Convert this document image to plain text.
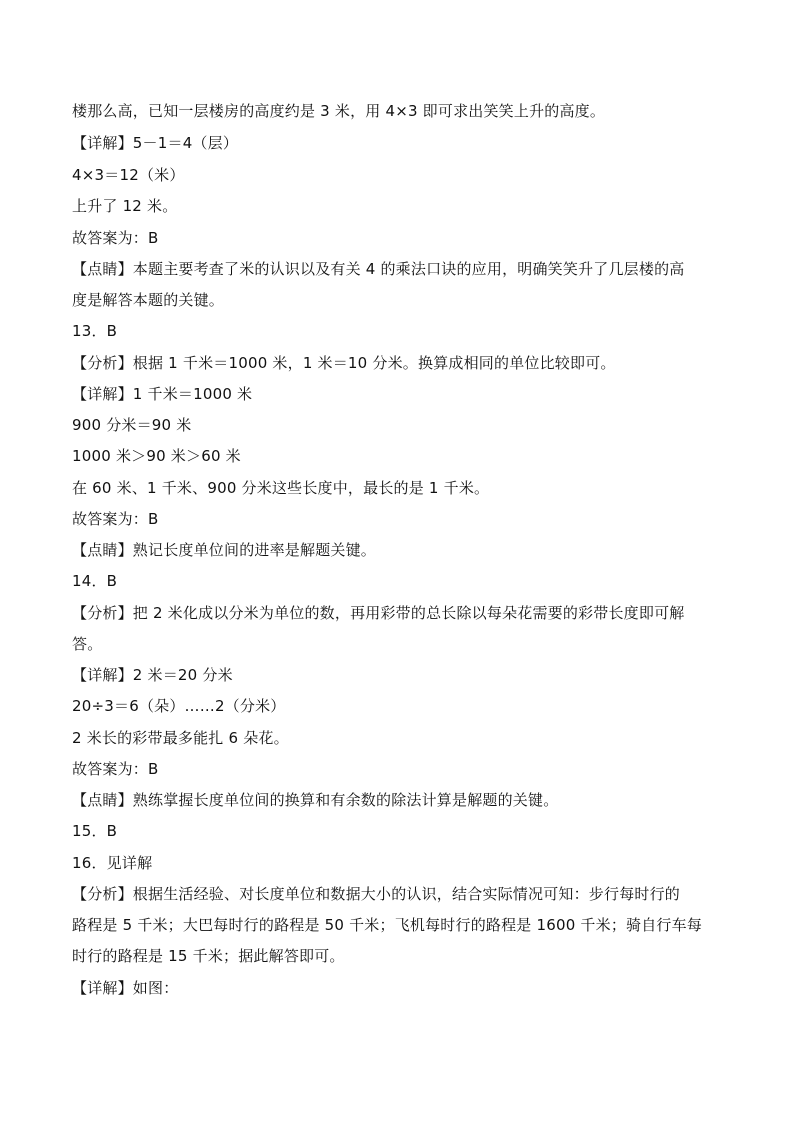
楼那么高，已知一层楼房的高度约是 3 米，用 4×3 即可求出笑笑上升的高度。
【详解】5－1＝4（层）
4×3＝12（米）
上升了 12 米。
故答案为：B
【点睛】本题主要考查了米的认识以及有关 4 的乘法口诀的应用，明确笑笑升了几层楼的高
度是解答本题的关键。
13．B
【分析】根据 1 千米＝1000 米，1 米＝10 分米。换算成相同的单位比较即可。
【详解】1 千米＝1000 米
900 分米＝90 米
1000 米＞90 米＞60 米
在 60 米、1 千米、900 分米这些长度中，最长的是 1 千米。
故答案为：B
【点睛】熟记长度单位间的进率是解题关键。
14．B
【分析】把 2 米化成以分米为单位的数，再用彩带的总长除以每朵花需要的彩带长度即可解
答。
【详解】2 米＝20 分米
20÷3＝6（朵）……2（分米）
2 米长的彩带最多能扎 6 朵花。
故答案为：B
【点睛】熟练掌握长度单位间的换算和有余数的除法计算是解题的关键。
15．B
16．见详解
【分析】根据生活经验、对长度单位和数据大小的认识，结合实际情况可知：步行每时行的
路程是 5 千米；大巴每时行的路程是 50 千米；飞机每时行的路程是 1600 千米；骑自行车每
时行的路程是 15 千米；据此解答即可。
【详解】如图：
